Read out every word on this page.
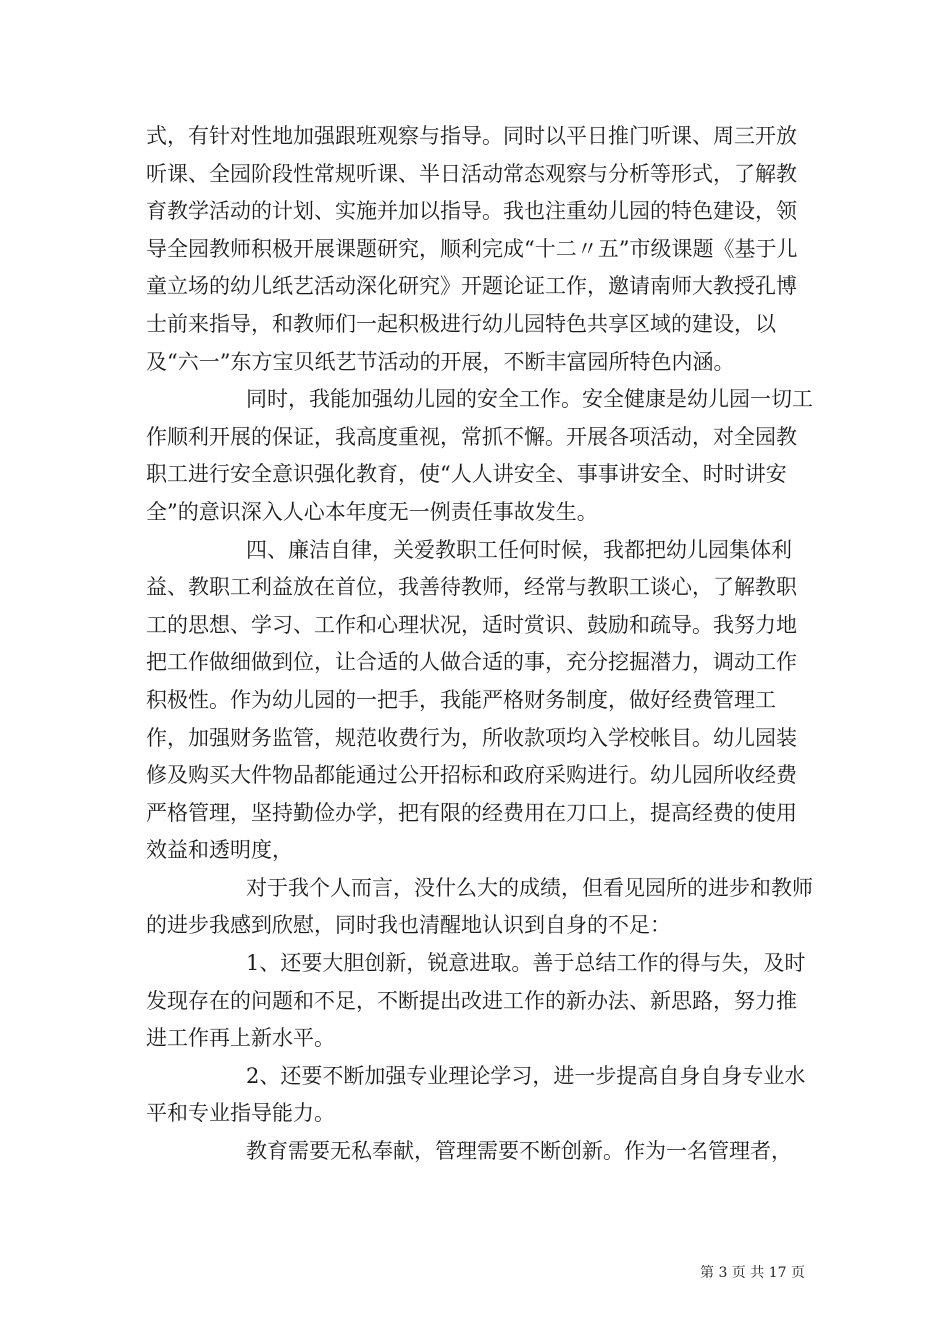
式，有针对性地加强跟班观察与指导。同时以平日推门听课、周三开放听课、全园阶段性常规听课、半日活动常态观察与分析等形式，了解教育教学活动的计划、实施并加以指导。我也注重幼儿园的特色建设，领导全园教师积极开展课题研究，顺利完成“十二〃五”市级课题《基于儿童立场的幼儿纸艺活动深化研究》开题论证工作，邀请南师大教授孔博士前来指导，和教师们一起积极进行幼儿园特色共享区域的建设，以及“六一”东方宝贝纸艺节活动的开展，不断丰富园所特色内涵。

同时，我能加强幼儿园的安全工作。安全健康是幼儿园一切工作顺利开展的保证，我高度重视，常抓不懈。开展各项活动，对全园教职工进行安全意识强化教育，使“人人讲安全、事事讲安全、时时讲安全”的意识深入人心本年度无一例责任事故发生。

四、廉洁自律，关爱教职工任何时候，我都把幼儿园集体利益、教职工利益放在首位，我善待教师，经常与教职工谈心，了解教职工的思想、学习、工作和心理状况，适时赏识、鼓励和疏导。我努力地把工作做细做到位，让合适的人做合适的事，充分挖掘潜力，调动工作积极性。作为幼儿园的一把手，我能严格财务制度，做好经费管理工作，加强财务监管，规范收费行为，所收款项均入学校帐目。幼儿园装修及购买大件物品都能通过公开招标和政府采购进行。幼儿园所收经费严格管理，坚持勤俭办学，把有限的经费用在刀口上，提高经费的使用效益和透明度，

对于我个人而言，没什么大的成绩，但看见园所的进步和教师的进步我感到欣慰，同时我也清醒地认识到自身的不足：

1、还要大胆创新，锐意进取。善于总结工作的得与失，及时发现存在的问题和不足，不断提出改进工作的新办法、新思路，努力推进工作再上新水平。

2、还要不断加强专业理论学习，进一步提高自身自身专业水平和专业指导能力。

教育需要无私奉献，管理需要不断创新。作为一名管理者，

第 3 页 共 17 页
